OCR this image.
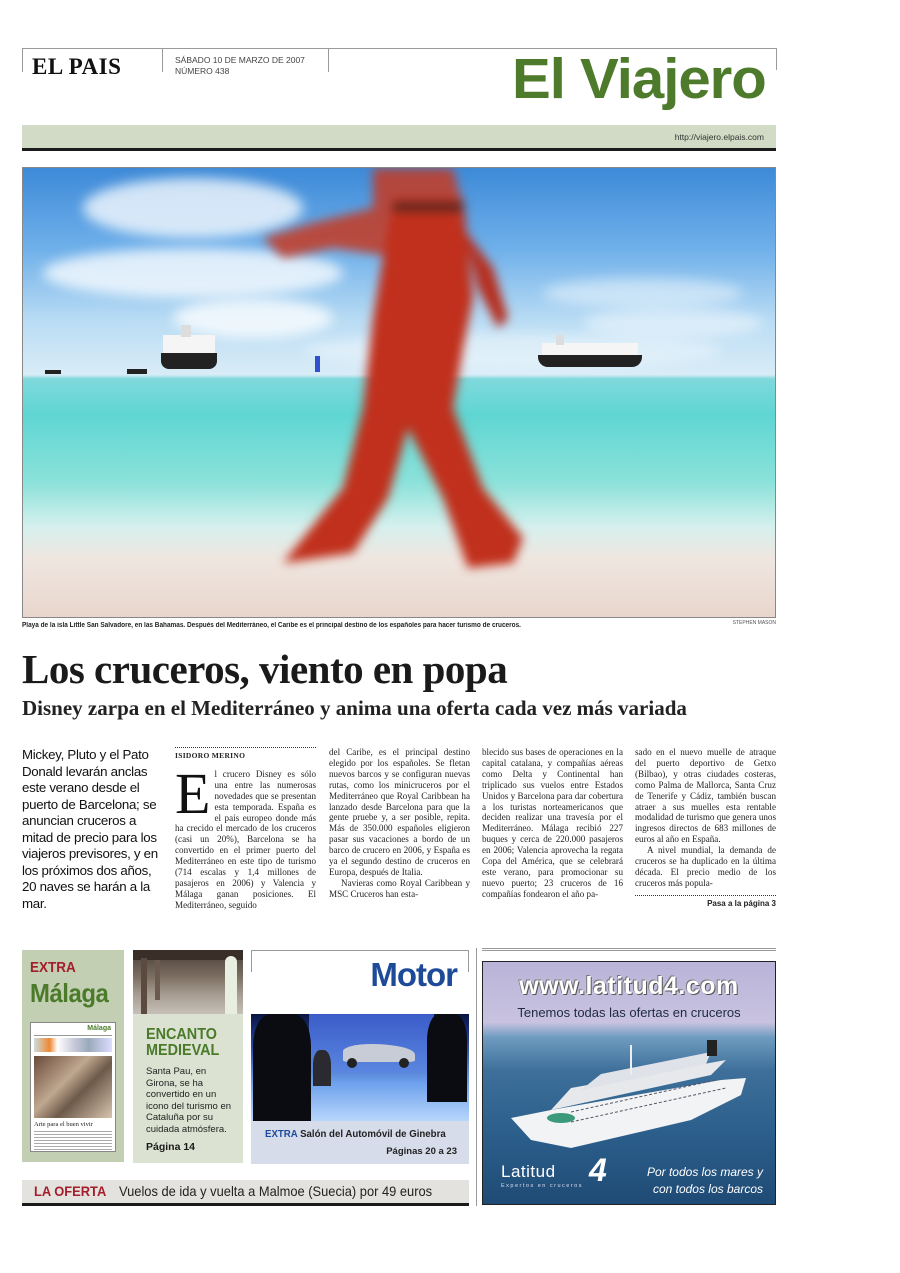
EL PAIS	SÁBADO 10 DE MARZO DE 2007
NÚMERO 438	El Viajero
http://viajero.elpais.com
Playa de la isla Little San Salvadore, en las Bahamas. Después del Mediterráneo, el Caribe es el principal destino de los españoles para hacer turismo de cruceros.	STEPHEN MASON
Los cruceros, viento en popa
Disney zarpa en el Mediterráneo y anima una oferta cada vez más variada
Mickey, Pluto y el Pato Donald levarán anclas este verano desde el puerto de Barcelona; se anuncian cruceros a mitad de precio para los viajeros previsores, y en los próximos dos años, 20 naves se harán a la mar.
ISIDORO MERINO
E l crucero Disney es sólo una entre las numerosas novedades que se presentan esta temporada. España es el país europeo donde más ha crecido el mercado de los cruceros (casi un 20%), Barcelona se ha convertido en el primer puerto del Mediterráneo en este tipo de turismo (714 escalas y 1,4 millones de pasajeros en 2006) y Valencia y Málaga ganan posiciones. El Mediterráneo, seguido

del Caribe, es el principal destino elegido por los españoles. Se fletan nuevos barcos y se configuran nuevas rutas, como los minicruceros por el Mediterráneo que Royal Caribbean ha lanzado desde Barcelona para que la gente pruebe y, a ser posible, repita. Más de 350.000 españoles eligieron pasar sus vacaciones a bordo de un barco de crucero en 2006, y España es ya el segundo destino de cruceros en Europa, después de Italia.

Navieras como Royal Caribbean y MSC Cruceros han esta-

blecido sus bases de operaciones en la capital catalana, y compañías aéreas como Delta y Continental han triplicado sus vuelos entre Estados Unidos y Barcelona para dar cobertura a los turistas norteamericanos que deciden realizar una travesía por el Mediterráneo. Málaga recibió 227 buques y cerca de 220.000 pasajeros en 2006; Valencia aprovecha la regata Copa del América, que se celebrará este verano, para promocionar su nuevo puerto; 23 cruceros de 16 compañías fondearon el año pa-

sado en el nuevo muelle de atraque del puerto deportivo de Getxo (Bilbao), y otras ciudades costeras, como Palma de Mallorca, Santa Cruz de Tenerife y Cádiz, también buscan atraer a sus muelles esta rentable modalidad de turismo que genera unos ingresos directos de 683 millones de euros al año en España.

A nivel mundial, la demanda de cruceros se ha duplicado en la última década. El precio medio de los cruceros más popula-

Pasa a la página 3
EXTRA
Málaga
Málaga
Arte para el buen vivir
ENCANTO
MEDIEVAL
Santa Pau, en Girona, se ha convertido en un icono del turismo en Cataluña por su cuidada atmósfera.
Página 14
Motor
EXTRA Salón del Automóvil de Ginebra
Páginas 20 a 23
www.latitud4.com
Tenemos todas las ofertas en cruceros
Latitud 4
Expertos en cruceros
Por todos los mares y
con todos los barcos
LA OFERTA Vuelos de ida y vuelta a Malmoe (Suecia) por 49 euros
